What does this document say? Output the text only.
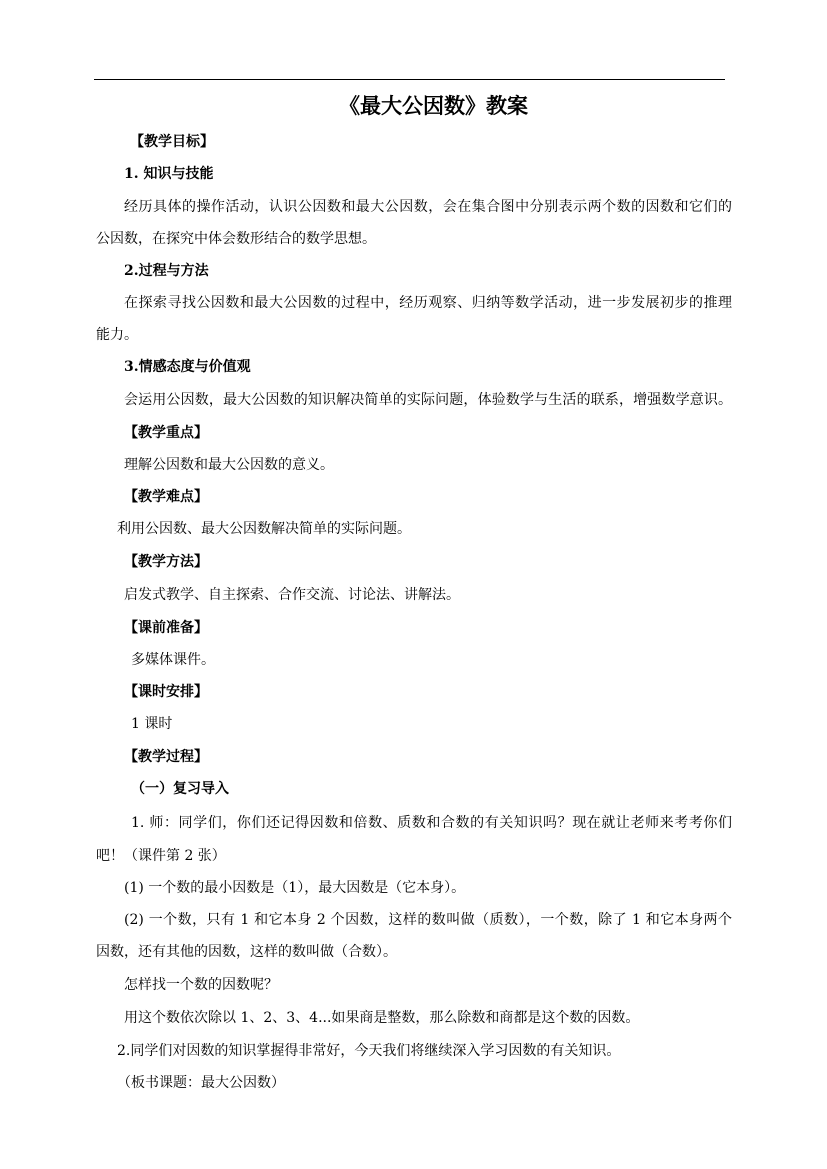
《最大公因数》教案
【教学目标】
1. 知识与技能
经历具体的操作活动，认识公因数和最大公因数，会在集合图中分别表示两个数的因数和它们的
公因数，在探究中体会数形结合的数学思想。
2.过程与方法
在探索寻找公因数和最大公因数的过程中，经历观察、归纳等数学活动，进一步发展初步的推理
能力。
3.情感态度与价值观
会运用公因数，最大公因数的知识解决简单的实际问题，体验数学与生活的联系，增强数学意识。
【教学重点】
理解公因数和最大公因数的意义。
【教学难点】
利用公因数、最大公因数解决简单的实际问题。
【教学方法】
启发式教学、自主探索、合作交流、讨论法、讲解法。
【课前准备】
多媒体课件。
【课时安排】
1 课时
【教学过程】
（一）复习导入
1. 师：同学们，你们还记得因数和倍数、质数和合数的有关知识吗？现在就让老师来考考你们
吧！（课件第 2 张）
(1) 一个数的最小因数是（1），最大因数是（它本身）。
(2) 一个数，只有 1 和它本身 2 个因数，这样的数叫做（质数），一个数，除了 1 和它本身两个
因数，还有其他的因数，这样的数叫做（合数）。
怎样找一个数的因数呢？
用这个数依次除以 1、2、3、4...如果商是整数，那么除数和商都是这个数的因数。
2.同学们对因数的知识掌握得非常好，今天我们将继续深入学习因数的有关知识。
（板书课题：最大公因数）
